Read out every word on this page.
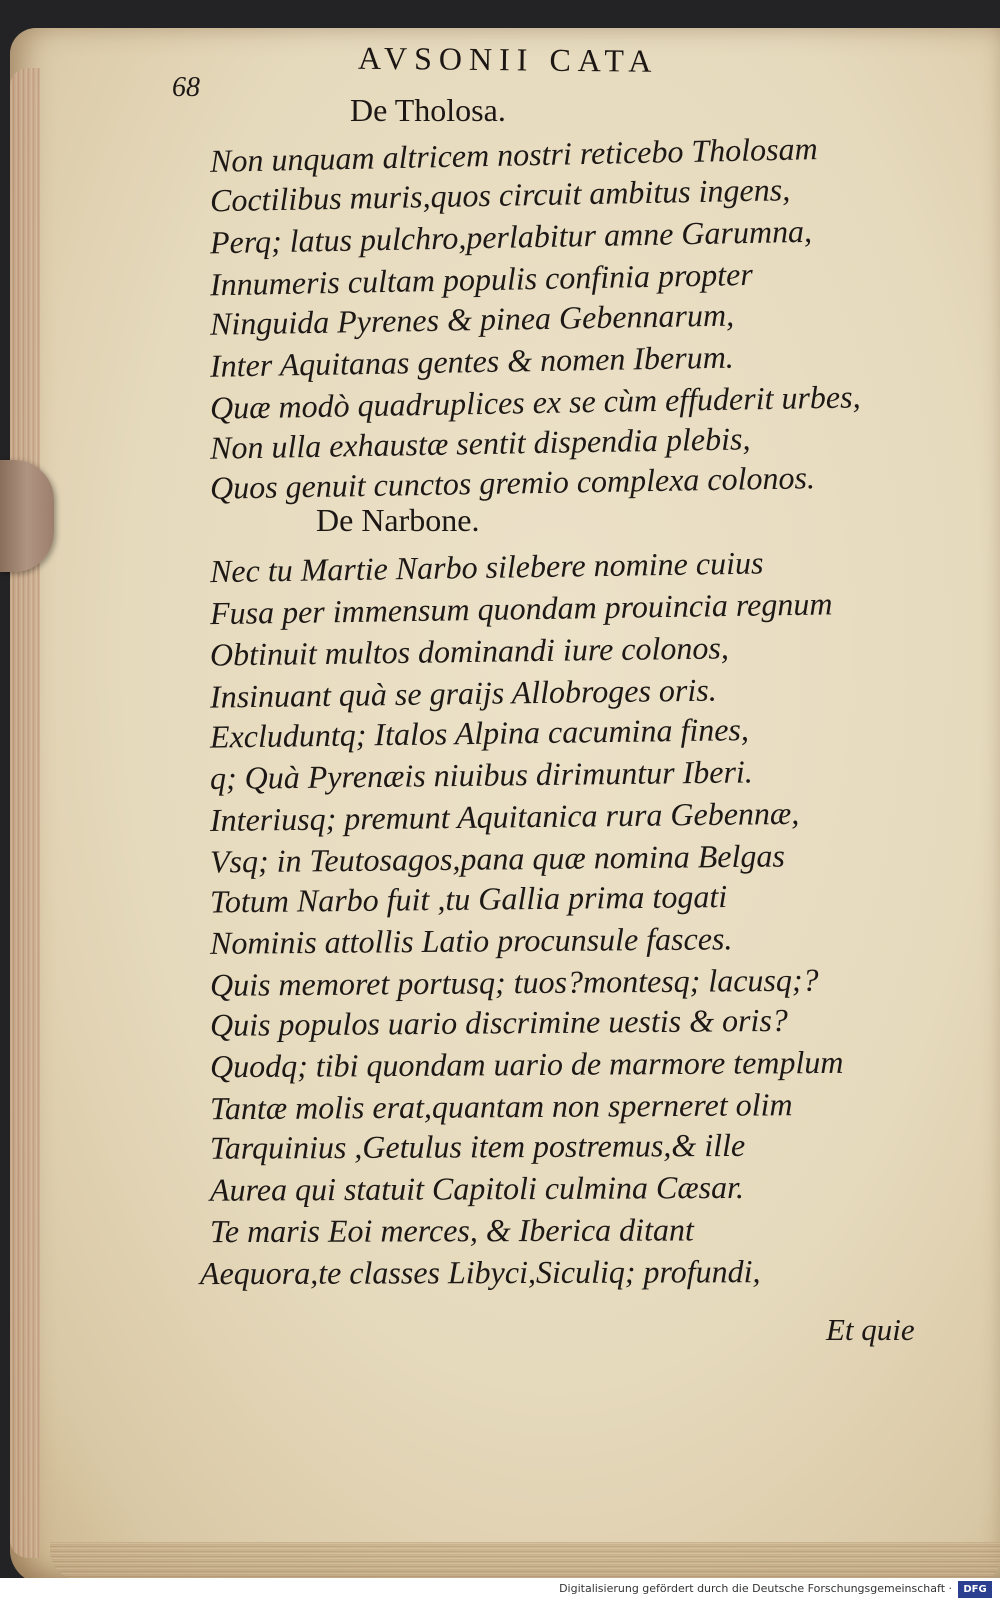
68
AVSONII CATA
De Tholosa.
Non unquam altricem nostri reticebo Tholosam
Coctilibus muris,quos circuit ambitus ingens,
Perq; latus pulchro,perlabitur amne Garumna,
Innumeris cultam populis confinia propter
Ninguida Pyrenes & pinea Gebennarum,
Inter Aquitanas gentes & nomen Iberum.
Quæ modò quadruplices ex se cùm effuderit urbes,
Non ulla exhaustæ sentit dispendia plebis,
Quos genuit cunctos gremio complexa colonos.
De Narbone.
Nec tu Martie Narbo silebere nomine cuius
Fusa per immensum quondam prouincia regnum
Obtinuit multos dominandi iure colonos,
Insinuant quà se graijs Allobroges oris.
Excluduntq; Italos Alpina cacumina fines,
q; Quà Pyrenæis niuibus dirimuntur Iberi.
Interiusq; premunt Aquitanica rura Gebennæ,
Vsq; in Teutosagos,pana quæ nomina Belgas
Totum Narbo fuit ,tu Gallia prima togati
Nominis attollis Latio procunsule fasces.
Quis memoret portusq; tuos?montesq; lacusq;?
Quis populos uario discrimine uestis & oris?
Quodq; tibi quondam uario de marmore templum
Tantæ molis erat,quantam non sperneret olim
Tarquinius ,Getulus item postremus,& ille
Aurea qui statuit Capitoli culmina Cæsar.
Te maris Eoi merces, & Iberica ditant
Aequora,te classes Libyci,Siculiq; profundi,
Et quie
Digitalisierung gefördert durch die Deutsche Forschungsgemeinschaft ·	DFG
